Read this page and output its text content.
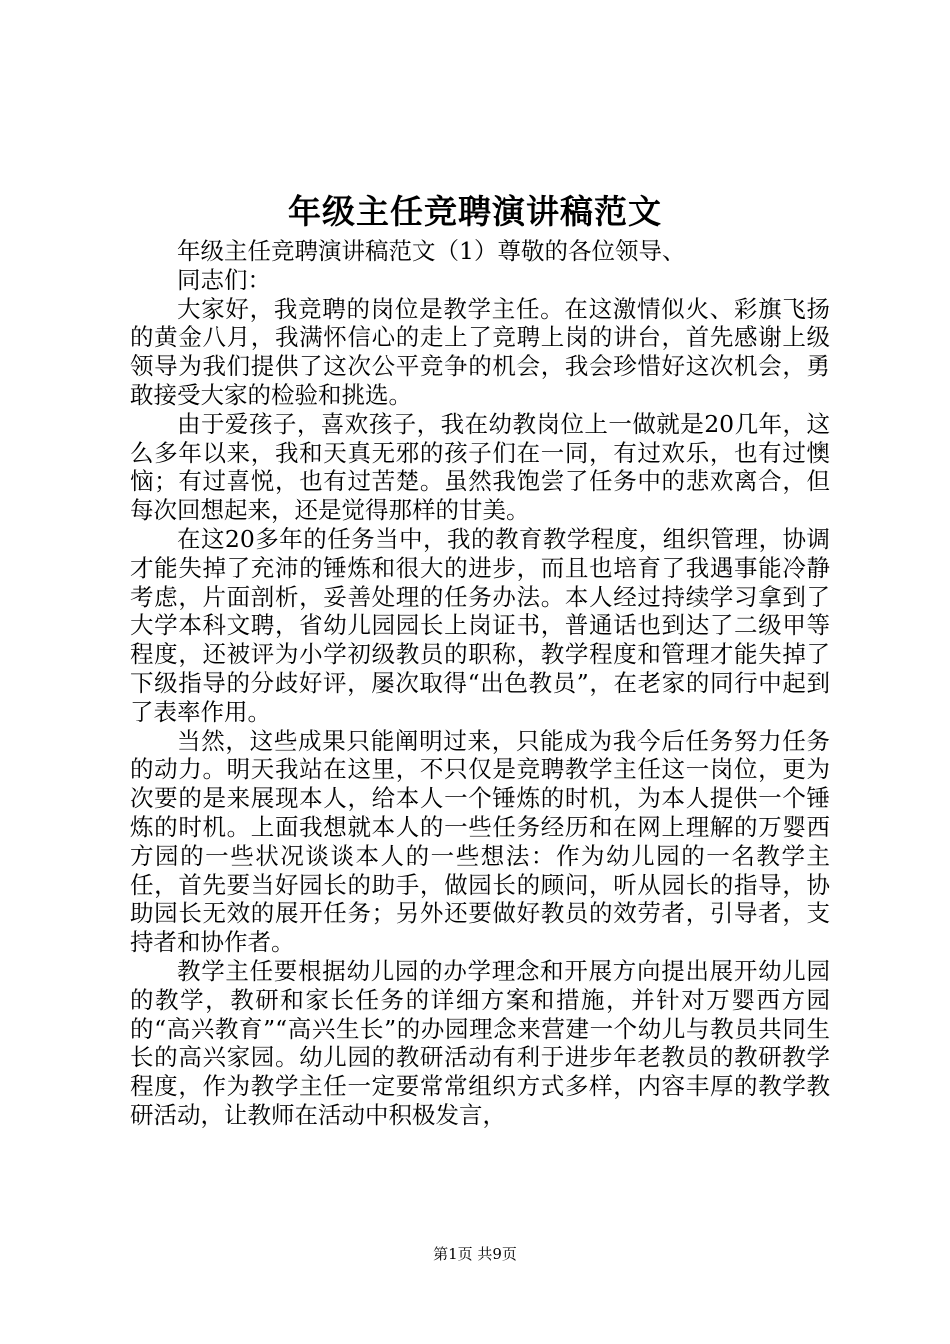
年级主任竞聘演讲稿范文

年级主任竞聘演讲稿范文（1）尊敬的各位领导、

同志们：

大家好，我竞聘的岗位是教学主任。在这激情似火、彩旗飞扬的黄金八月，我满怀信心的走上了竞聘上岗的讲台，首先感谢上级领导为我们提供了这次公平竞争的机会，我会珍惜好这次机会，勇敢接受大家的检验和挑选。

由于爱孩子，喜欢孩子，我在幼教岗位上一做就是20几年，这么多年以来，我和天真无邪的孩子们在一同，有过欢乐，也有过懊恼；有过喜悦，也有过苦楚。虽然我饱尝了任务中的悲欢离合，但每次回想起来，还是觉得那样的甘美。

在这20多年的任务当中，我的教育教学程度，组织管理，协调才能失掉了充沛的锤炼和很大的进步，而且也培育了我遇事能冷静考虑，片面剖析，妥善处理的任务办法。本人经过持续学习拿到了大学本科文聘，省幼儿园园长上岗证书，普通话也到达了二级甲等程度，还被评为小学初级教员的职称，教学程度和管理才能失掉了下级指导的分歧好评，屡次取得“出色教员”，在老家的同行中起到了表率作用。

当然，这些成果只能阐明过来，只能成为我今后任务努力任务的动力。明天我站在这里，不只仅是竞聘教学主任这一岗位，更为次要的是来展现本人，给本人一个锤炼的时机，为本人提供一个锤炼的时机。上面我想就本人的一些任务经历和在网上理解的万婴西方园的一些状况谈谈本人的一些想法：作为幼儿园的一名教学主任，首先要当好园长的助手，做园长的顾问，听从园长的指导，协助园长无效的展开任务；另外还要做好教员的效劳者，引导者，支持者和协作者。

教学主任要根据幼儿园的办学理念和开展方向提出展开幼儿园的教学，教研和家长任务的详细方案和措施，并针对万婴西方园的“高兴教育”“高兴生长”的办园理念来营建一个幼儿与教员共同生长的高兴家园。幼儿园的教研活动有利于进步年老教员的教研教学程度，作为教学主任一定要常常组织方式多样，内容丰厚的教学教研活动，让教师在活动中积极发言，

第1页 共9页
